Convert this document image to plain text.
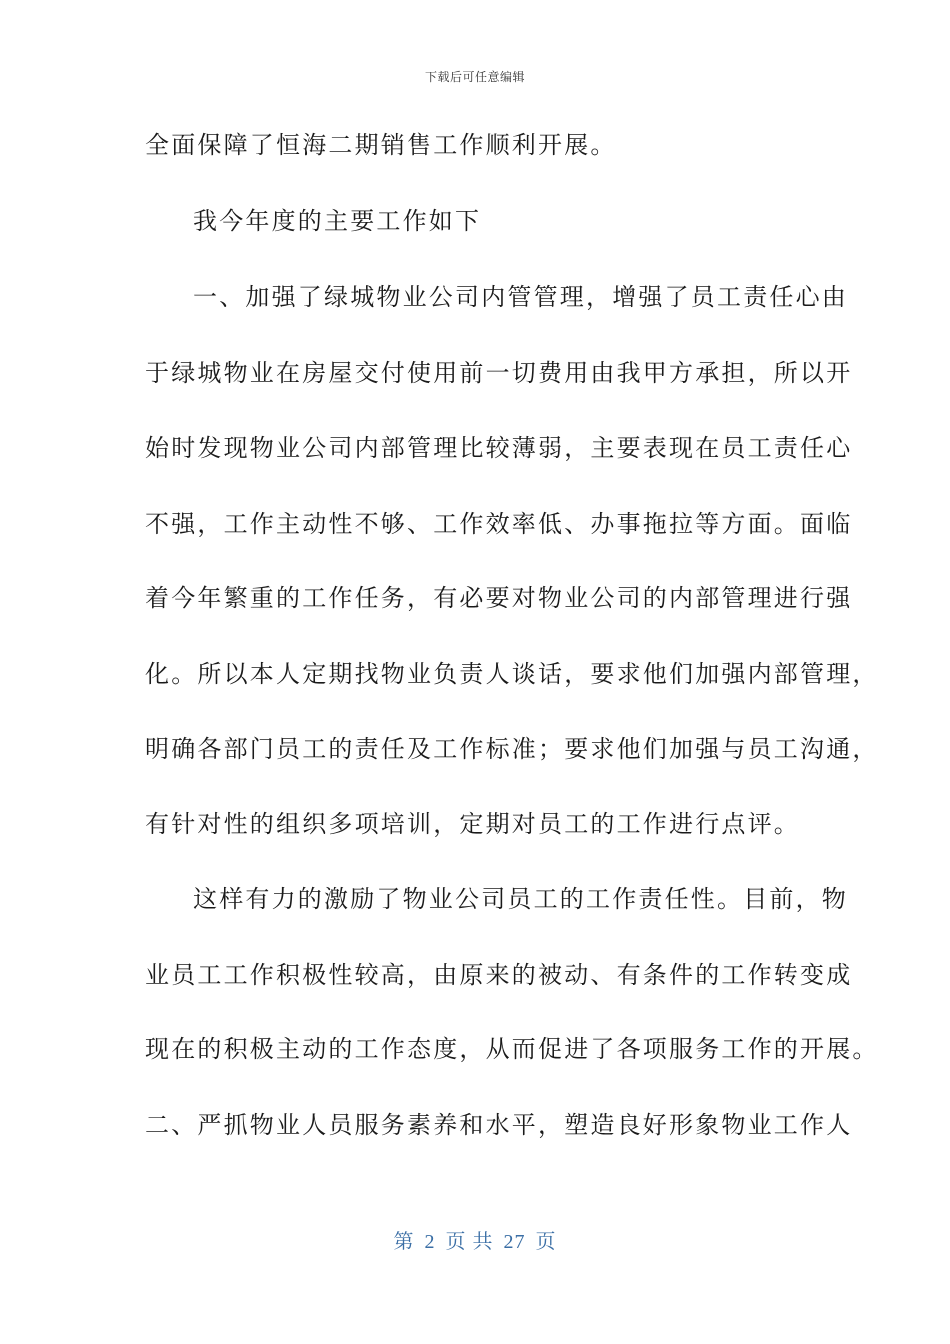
下载后可任意编辑
全面保障了恒海二期销售工作顺利开展。
我今年度的主要工作如下
一、加强了绿城物业公司内管管理，增强了员工责任心由
于绿城物业在房屋交付使用前一切费用由我甲方承担，所以开
始时发现物业公司内部管理比较薄弱，主要表现在员工责任心
不强，工作主动性不够、工作效率低、办事拖拉等方面。面临
着今年繁重的工作任务，有必要对物业公司的内部管理进行强
化。所以本人定期找物业负责人谈话，要求他们加强内部管理，
明确各部门员工的责任及工作标准；要求他们加强与员工沟通，
有针对性的组织多项培训，定期对员工的工作进行点评。
这样有力的激励了物业公司员工的工作责任性。目前，物
业员工工作积极性较高，由原来的被动、有条件的工作转变成
现在的积极主动的工作态度，从而促进了各项服务工作的开展。
二、严抓物业人员服务素养和水平，塑造良好形象物业工作人
第 2 页 共 27 页
